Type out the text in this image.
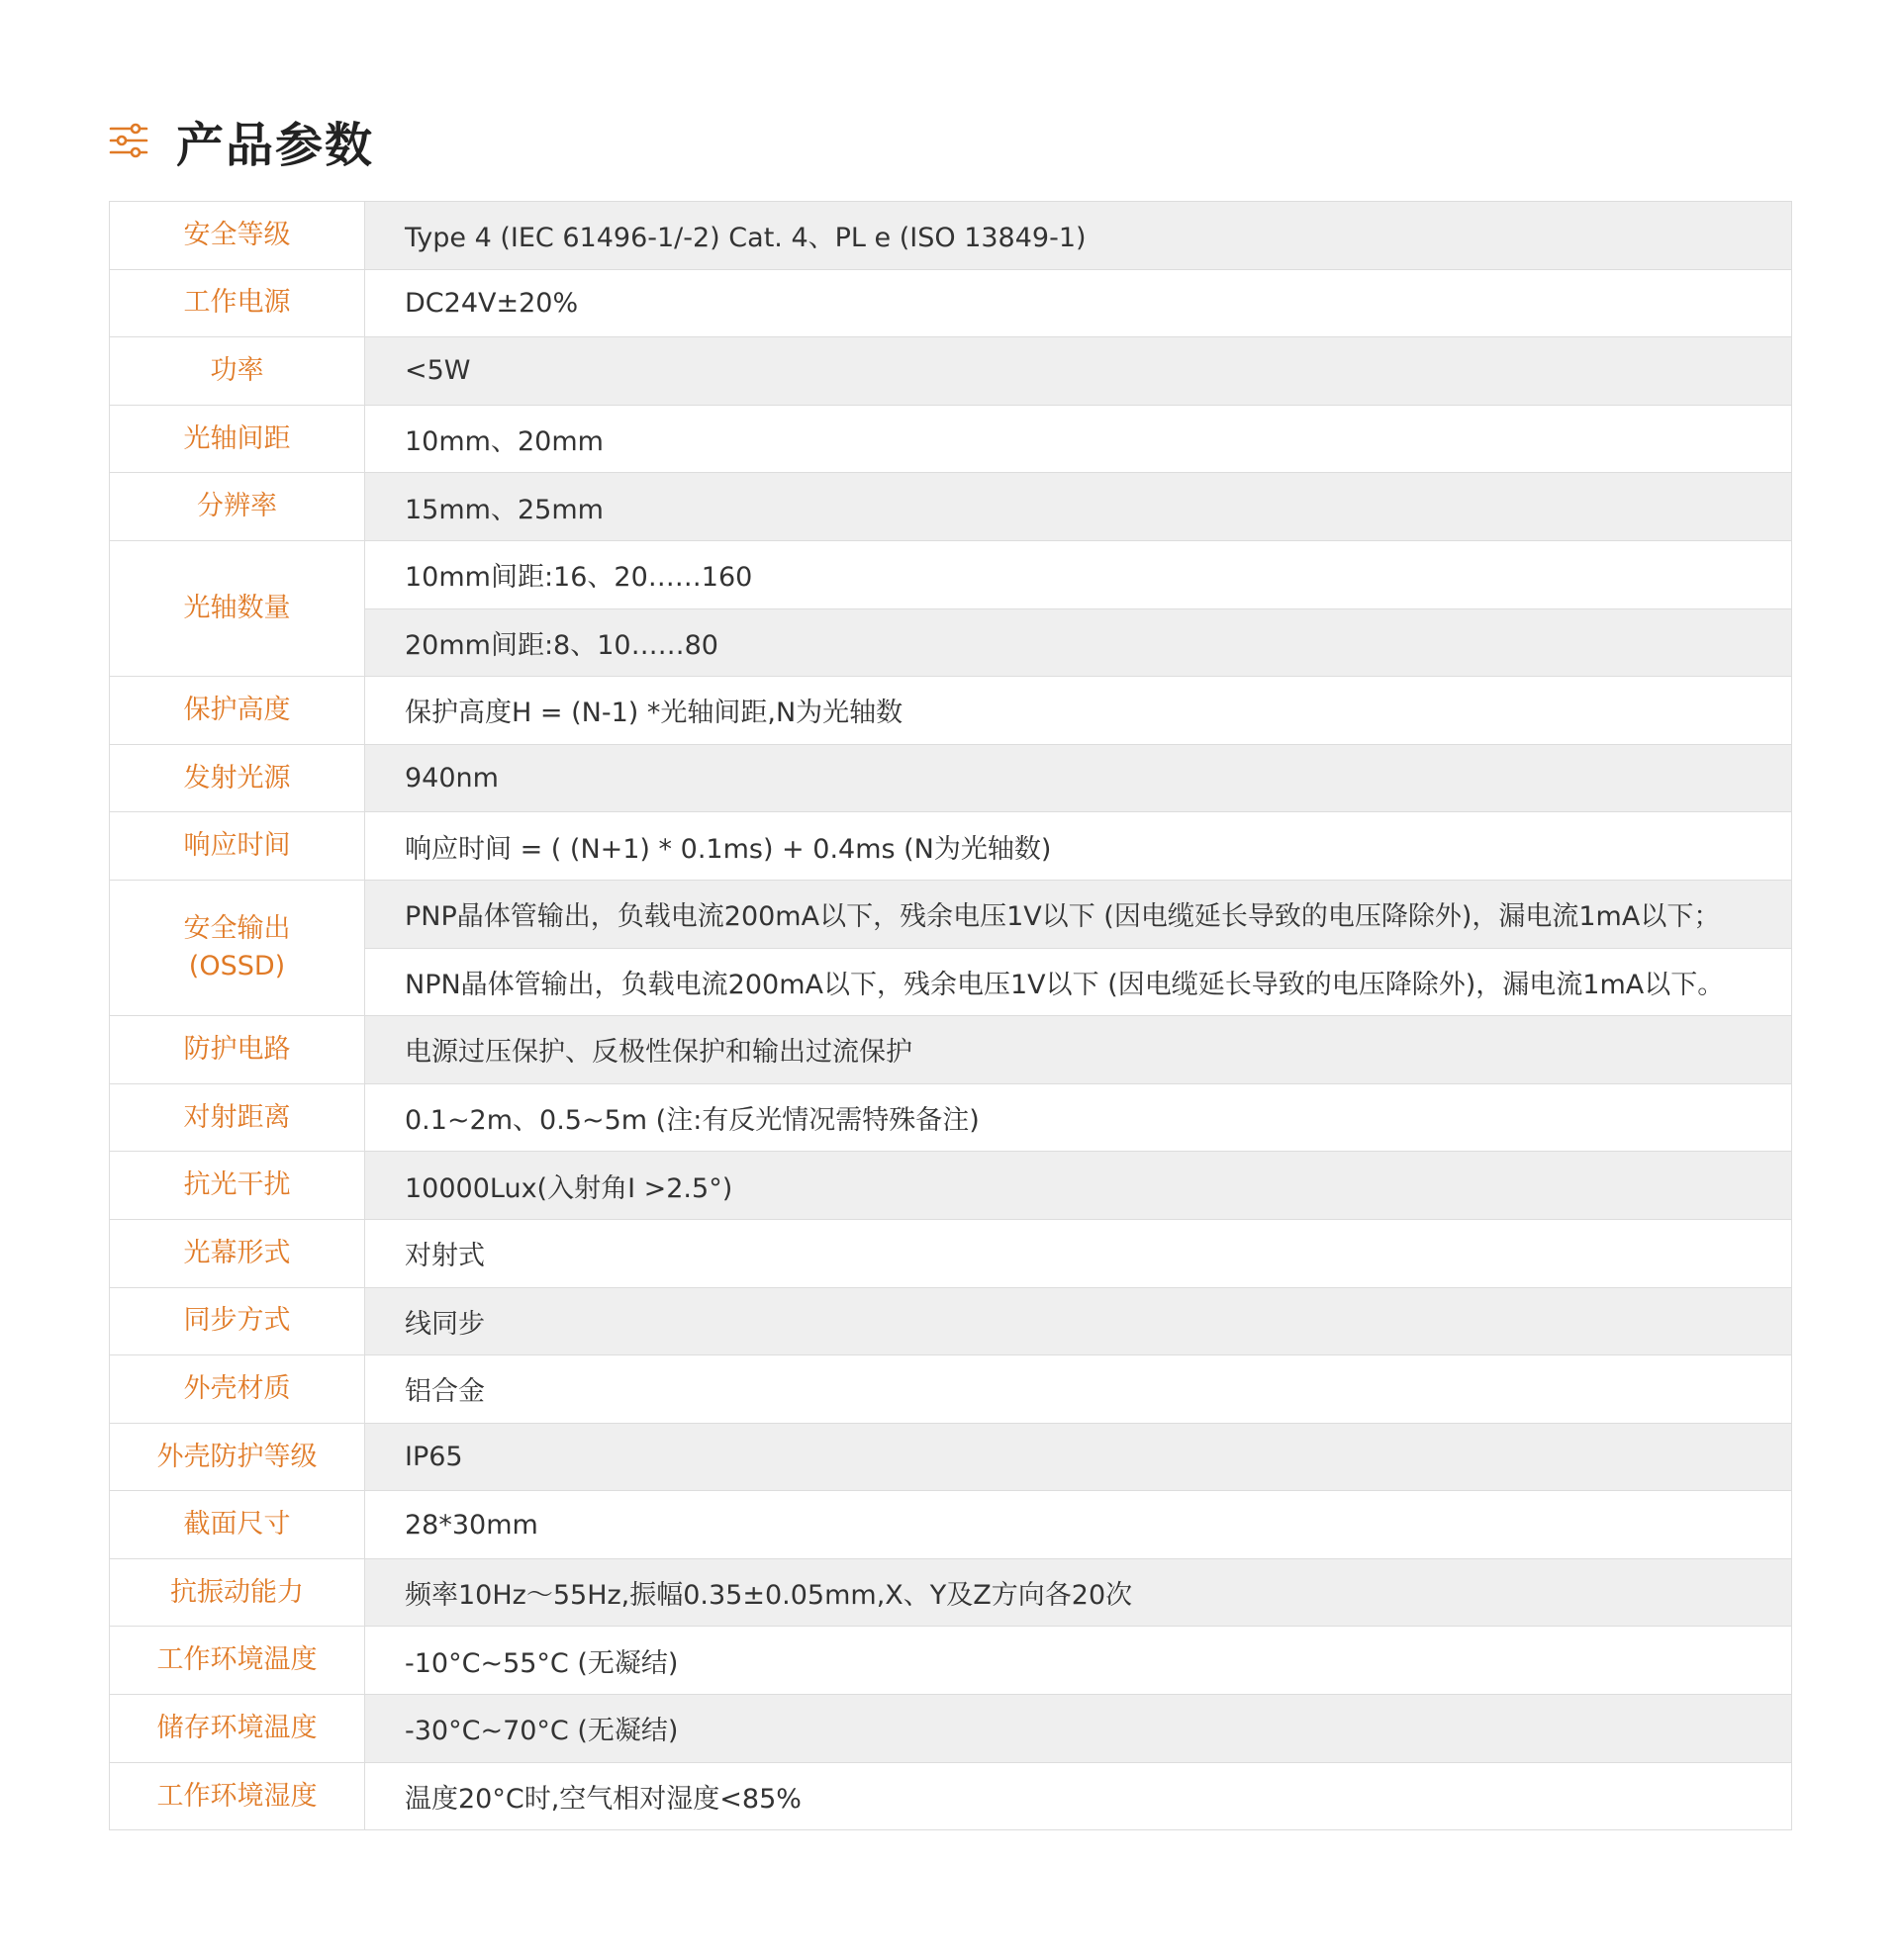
产品参数
安全等级	Type 4 (IEC 61496-1/-2) Cat. 4、PL e (ISO 13849-1)
工作电源	DC24V±20%
功率	<5W
光轴间距	10mm、20mm
分辨率	15mm、25mm
光轴数量	10mm间距:16、20……160
	20mm间距:8、10……80
保护高度	保护高度H = (N-1) *光轴间距,N为光轴数
发射光源	940nm
响应时间	响应时间 = ( (N+1) * 0.1ms) + 0.4ms (N为光轴数)

安全输出
(OSSD)	PNP晶体管输出，负载电流200mA以下，残余电压1V以下 (因电缆延长导致的电压降除外)，漏电流1mA以下；
	NPN晶体管输出，负载电流200mA以下，残余电压1V以下 (因电缆延长导致的电压降除外)，漏电流1mA以下。
防护电路	电源过压保护、反极性保护和输出过流保护
对射距离	0.1~2m、0.5~5m (注:有反光情况需特殊备注)
抗光干扰	10000Lux(入射角I >2.5°)
光幕形式	对射式
同步方式	线同步
外壳材质	铝合金
外壳防护等级	IP65
截面尺寸	28*30mm
抗振动能力	频率10Hz〜55Hz,振幅0.35±0.05mm,X、Y及Z方向各20次
工作环境温度	-10°C~55°C (无凝结)
储存环境温度	-30°C~70°C (无凝结)
工作环境湿度	温度20°C时,空气相对湿度<85%
